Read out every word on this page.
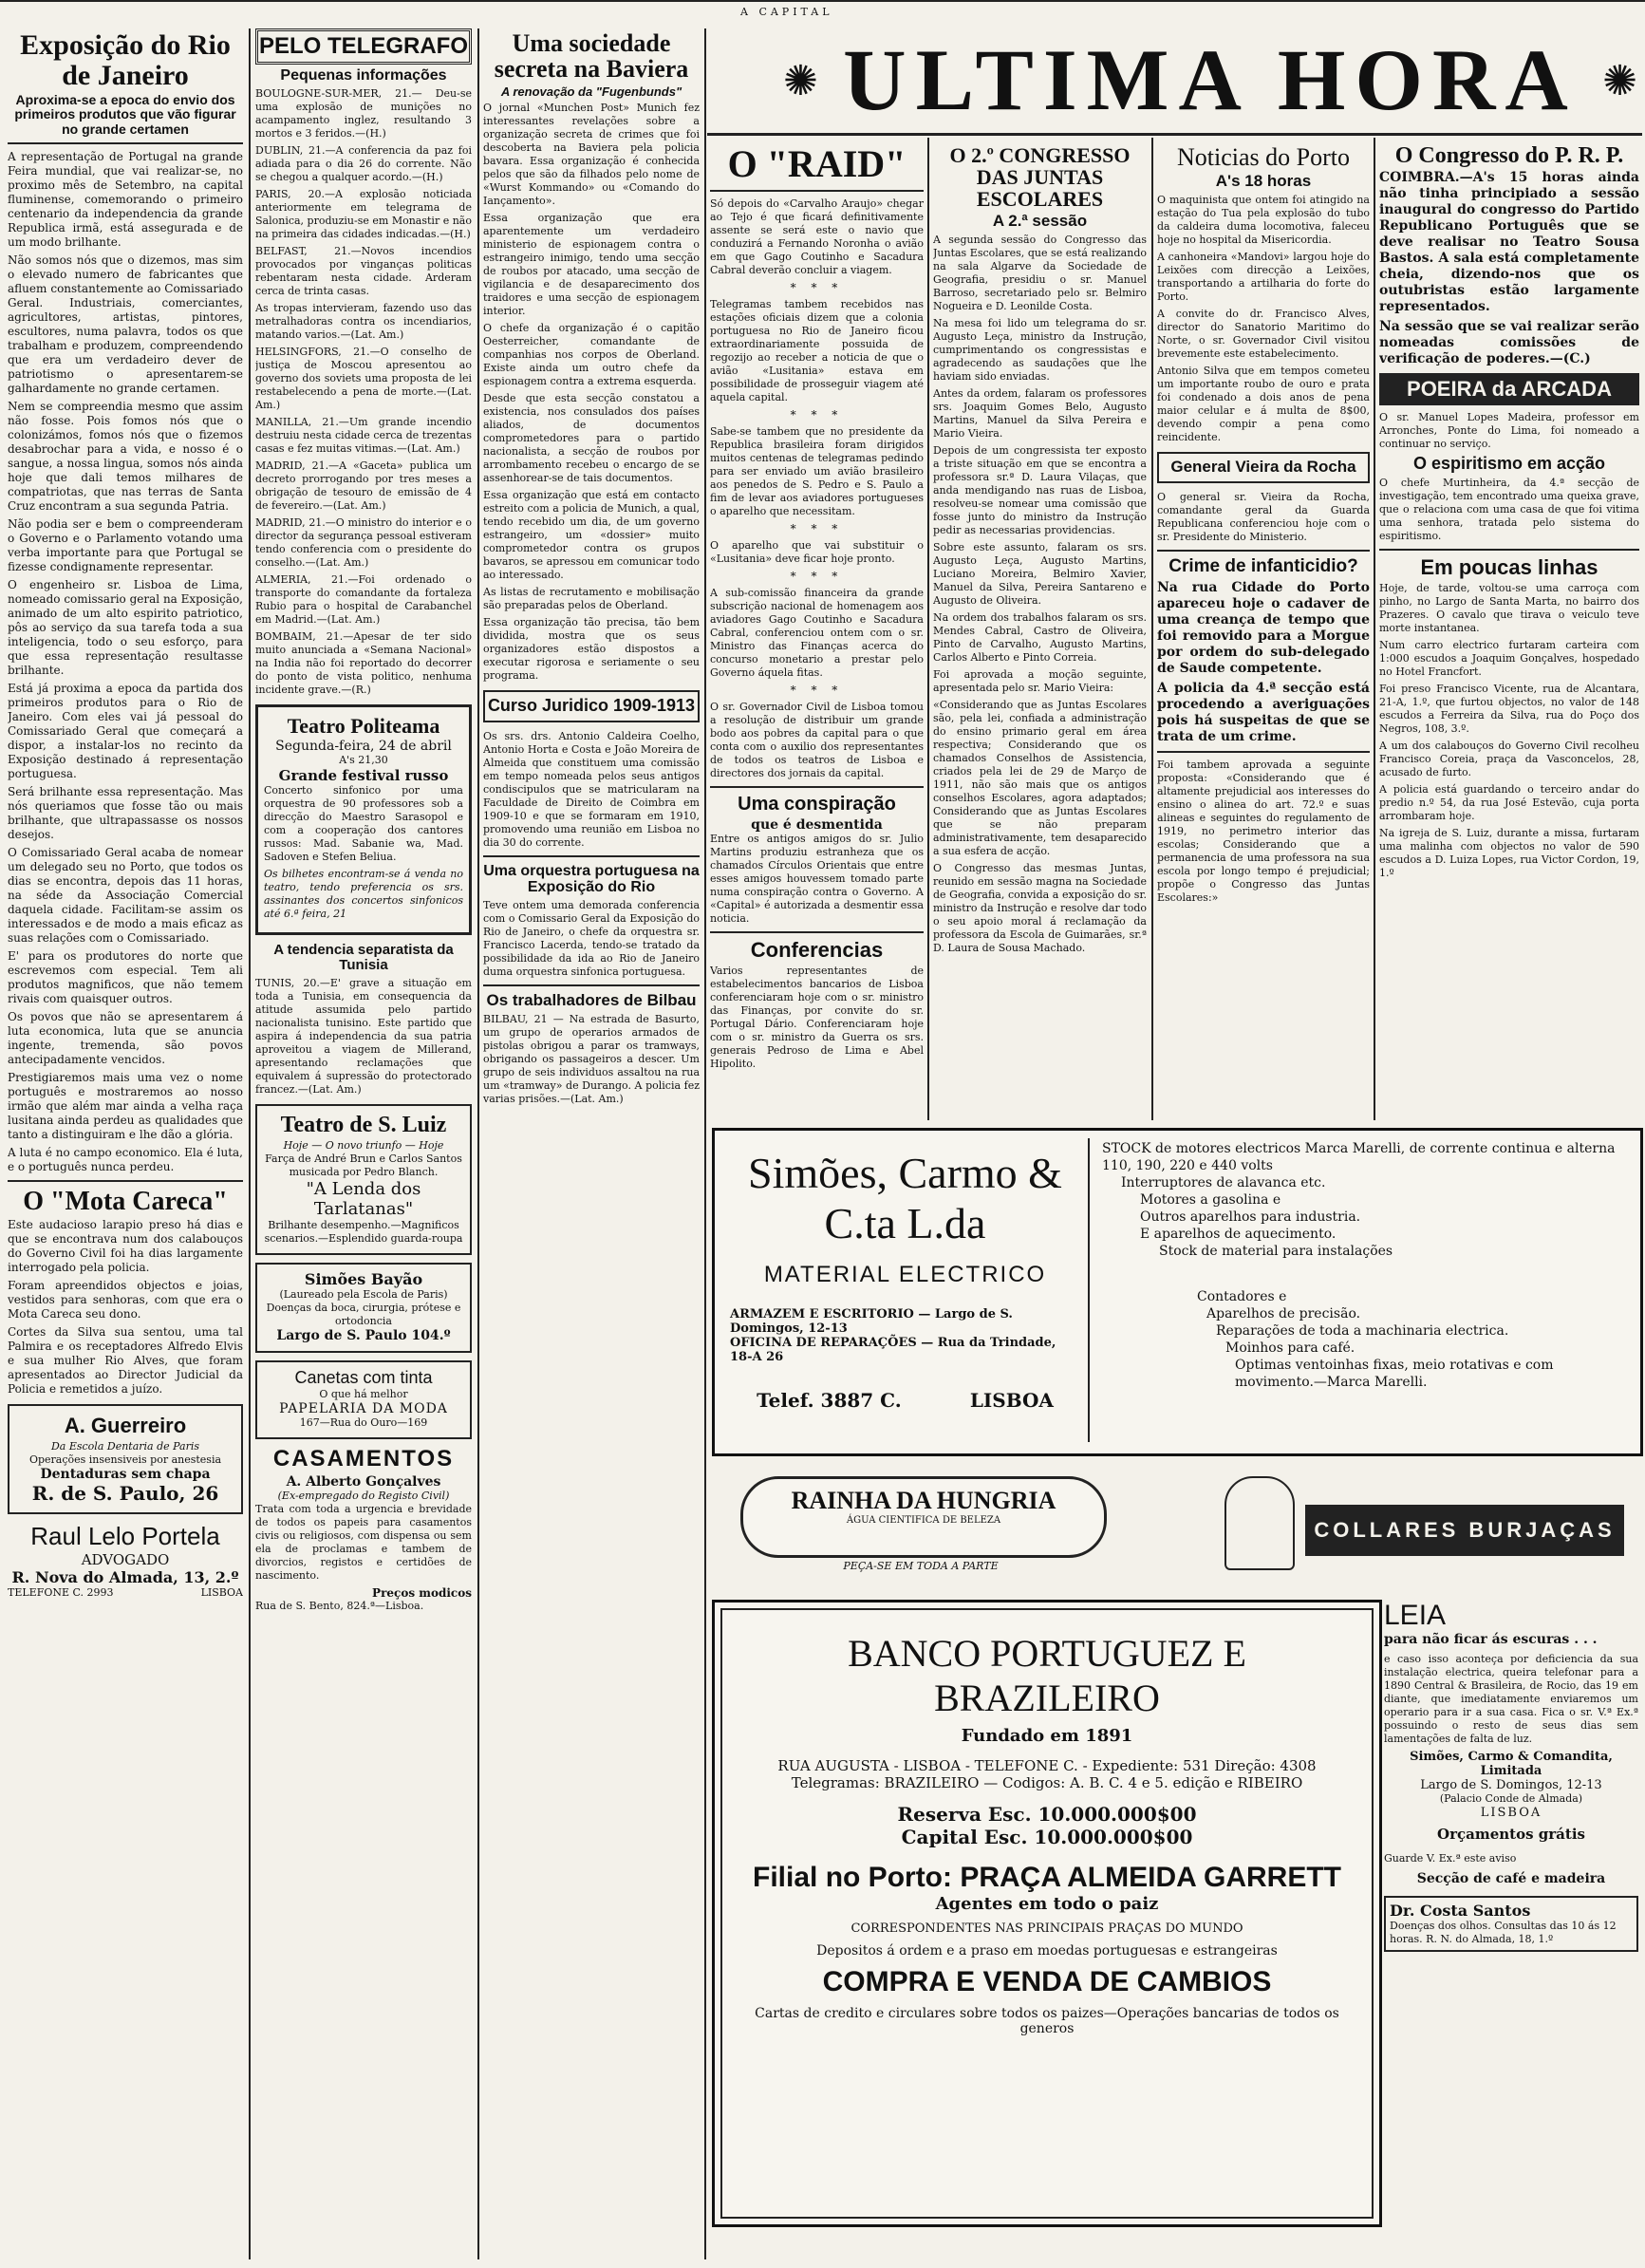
A CAPITAL
Exposição do Rio de Janeiro
Aproxima-se a epoca do envio dos primeiros produtos que vão figurar no grande certamen

A representação de Portugal na grande Feira mundial, que vai realizar-se, no proximo mês de Setembro, na capital fluminense, comemorando o primeiro centenario da independencia da grande Republica irmã, está assegurada e de um modo brilhante.

Não somos nós que o dizemos, mas sim o elevado numero de fabricantes que afluem constantemente ao Comissariado Geral. Industriais, comerciantes, agricultores, artistas, pintores, escultores, numa palavra, todos os que trabalham e produzem, compreendendo que era um verdadeiro dever de patriotismo o apresentarem-se galhardamente no grande certamen.

Nem se compreendia mesmo que assim não fosse. Pois fomos nós que o colonizámos, fomos nós que o fizemos desabrochar para a vida, e nosso é o sangue, a nossa lingua, somos nós ainda hoje que dali temos milhares de compatriotas, que nas terras de Santa Cruz encontram a sua segunda Patria.

Não podia ser e bem o compreenderam o Governo e o Parlamento votando uma verba importante para que Portugal se fizesse condignamente representar.

O engenheiro sr. Lisboa de Lima, nomeado comissario geral na Exposição, animado de um alto espirito patriotico, pôs ao serviço da sua tarefa toda a sua inteligencia, todo o seu esforço, para que essa representação resultasse brilhante.

Está já proxima a epoca da partida dos primeiros produtos para o Rio de Janeiro. Com eles vai já pessoal do Comissariado Geral que começará a dispor, a instalar-los no recinto da Exposição destinado á representação portuguesa.

Será brilhante essa representação. Mas nós queriamos que fosse tão ou mais brilhante, que ultrapassasse os nossos desejos.

O Comissariado Geral acaba de nomear um delegado seu no Porto, que todos os dias se encontra, depois das 11 horas, na séde da Associação Comercial daquela cidade. Facilitam-se assim os interessados e de modo a mais eficaz as suas relações com o Comissariado.

E' para os produtores do norte que escrevemos com especial. Tem ali produtos magnificos, que não temem rivais com quaisquer outros.

Os povos que não se apresentarem á luta economica, luta que se anuncia ingente, tremenda, são povos antecipadamente vencidos.

Prestigiaremos mais uma vez o nome português e mostraremos ao nosso irmão que além mar ainda a velha raça lusitana ainda perdeu as qualidades que tanto a distinguiram e lhe dão a glória.

A luta é no campo economico. Ela é luta, e o português nunca perdeu.

O "Mota Careca"

Este audacioso larapio preso há dias e que se encontrava num dos calabouços do Governo Civil foi ha dias largamente interrogado pela policia.

Foram apreendidos objectos e joias, vestidos para senhoras, com que era o Mota Careca seu dono.

Cortes da Silva sua sentou, uma tal Palmira e os receptadores Alfredo Elvis e sua mulher Rio Alves, que foram apresentados ao Director Judicial da Policia e remetidos a juízo.

A. Guerreiro
Da Escola Dentaria de Paris
Operações insensiveis por anestesia
Dentaduras sem chapa
R. de S. Paulo, 26
Raul Lelo Portela
ADVOGADO
R. Nova do Almada, 13, 2.º
TELEFONE C. 2993	LISBOA
PELO TELEGRAFO
Pequenas informações

BOULOGNE-SUR-MER, 21.— Deu-se uma explosão de munições no acampamento inglez, resultando 3 mortos e 3 feridos.—(H.)

DUBLIN, 21.—A conferencia da paz foi adiada para o dia 26 do corrente. Não se chegou a qualquer acordo.—(H.)

PARIS, 20.—A explosão noticiada anteriormente em telegrama de Salonica, produziu-se em Monastir e não na primeira das cidades indicadas.—(H.)

BELFAST, 21.—Novos incendios provocados por vinganças politicas rebentaram nesta cidade. Arderam cerca de trinta casas.

As tropas intervieram, fazendo uso das metralhadoras contra os incendiarios, matando varios.—(Lat. Am.)

HELSINGFORS, 21.—O conselho de justiça de Moscou apresentou ao governo dos soviets uma proposta de lei restabelecendo a pena de morte.—(Lat. Am.)

MANILLA, 21.—Um grande incendio destruiu nesta cidade cerca de trezentas casas e fez muitas vitimas.—(Lat. Am.)

MADRID, 21.—A «Gaceta» publica um decreto prorrogando por tres meses a obrigação de tesouro de emissão de 4 de fevereiro.—(Lat. Am.)

MADRID, 21.—O ministro do interior e o director da segurança pessoal estiveram tendo conferencia com o presidente do conselho.—(Lat. Am.)

ALMERIA, 21.—Foi ordenado o transporte do comandante da fortaleza Rubio para o hospital de Carabanchel em Madrid.—(Lat. Am.)

BOMBAIM, 21.—Apesar de ter sido muito anunciada a «Semana Nacional» na India não foi reportado do decorrer do ponto de vista politico, nenhuma incidente grave.—(R.)

Teatro Politeama
Segunda-feira, 24 de abril
A's 21,30
Grande festival russo

Concerto sinfonico por uma orquestra de 90 professores sob a direcção do Maestro Sarasopol e com a cooperação dos cantores russos: Mad. Sabanie wa, Mad. Sadoven e Stefen Beliua.

Os bilhetes encontram-se á venda no teatro, tendo preferencia os srs. assinantes dos concertos sinfonicos até 6.ª feira, 21

A tendencia separatista da Tunisia

TUNIS, 20.—E' grave a situação em toda a Tunisia, em consequencia da atitude assumida pelo partido nacionalista tunisino. Este partido que aspira á independencia da sua patria aproveitou a viagem de Millerand, apresentando reclamações que equivalem á supressão do protectorado francez.—(Lat. Am.)

Teatro de S. Luiz
Hoje — O novo triunfo — Hoje
Farça de André Brun e Carlos Santos musicada por Pedro Blanch.
"A Lenda dos Tarlatanas"
Brilhante desempenho.—Magnificos scenarios.—Esplendido guarda-roupa
Simões Bayão
(Laureado pela Escola de Paris)
Doenças da boca, cirurgia, prótese e ortodoncia
Largo de S. Paulo 104.º
Canetas com tinta
O que há melhor
PAPELARIA DA MODA
167—Rua do Ouro—169
CASAMENTOS
A. Alberto Gonçalves
(Ex-empregado do Registo Civil)

Trata com toda a urgencia e brevidade de todos os papeis para casamentos civis ou religiosos, com dispensa ou sem ela de proclamas e tambem de divorcios, registos e certidões de nascimento.

Preços modicos
Rua de S. Bento, 824.ª—Lisboa.
Uma sociedade secreta na Baviera
A renovação da "Fugenbunds"

O jornal «Munchen Post» Munich fez interessantes revelações sobre a organização secreta de crimes que foi descoberta na Baviera pela policia bavara. Essa organização é conhecida pelos que são da filhados pelo nome de «Wurst Kommando» ou «Comando do Iançamento».

Essa organização que era aparentemente um verdadeiro ministerio de espionagem contra o estrangeiro inimigo, tendo uma secção de roubos por atacado, uma secção de vigilancia e de desaparecimento dos traidores e uma secção de espionagem interior.

O chefe da organização é o capitão Oesterreicher, comandante de companhias nos corpos de Oberland. Existe ainda um outro chefe da espionagem contra a extrema esquerda.

Desde que esta secção constatou a existencia, nos consulados dos países aliados, de documentos comprometedores para o partido nacionalista, a secção de roubos por arrombamento recebeu o encargo de se assenhorear-se de tais documentos.

Essa organização que está em contacto estreito com a policia de Munich, a qual, tendo recebido um dia, de um governo estrangeiro, um «dossier» muito comprometedor contra os grupos bavaros, se apressou em comunicar todo ao interessado.

As listas de recrutamento e mobilisação são preparadas pelos de Oberland.

Essa organização tão precisa, tão bem dividida, mostra que os seus organizadores estão dispostos a executar rigorosa e seriamente o seu programa.

Curso Juridico 1909-1913

Os srs. drs. Antonio Caldeira Coelho, Antonio Horta e Costa e João Moreira de Almeida que constituem uma comissão em tempo nomeada pelos seus antigos condiscipulos que se matricularam na Faculdade de Direito de Coimbra em 1909-10 e que se formaram em 1910, promovendo uma reunião em Lisboa no dia 30 do corrente.

Uma orquestra portuguesa na Exposição do Rio

Teve ontem uma demorada conferencia com o Comissario Geral da Exposição do Rio de Janeiro, o chefe da orquestra sr. Francisco Lacerda, tendo-se tratado da possibilidade da ida ao Rio de Janeiro duma orquestra sinfonica portuguesa.

Os trabalhadores de Bilbau

BILBAU, 21 — Na estrada de Basurto, um grupo de operarios armados de pistolas obrigou a parar os tramways, obrigando os passageiros a descer. Um grupo de seis individuos assaltou na rua um «tramway» de Durango. A policia fez varias prisões.—(Lat. Am.)

✺ ULTIMA HORA ✺
O "RAID"

Só depois do «Carvalho Araujo» chegar ao Tejo é que ficará definitivamente assente se será este o navio que conduzirá a Fernando Noronha o avião em que Gago Coutinho e Sacadura Cabral deverão concluir a viagem.

* * *

Telegramas tambem recebidos nas estações oficiais dizem que a colonia portuguesa no Rio de Janeiro ficou extraordinariamente possuida de regozijo ao receber a noticia de que o avião «Lusitania» estava em possibilidade de prosseguir viagem até aquela capital.

* * *

Sabe-se tambem que no presidente da Republica brasileira foram dirigidos muitos centenas de telegramas pedindo para ser enviado um avião brasileiro aos penedos de S. Pedro e S. Paulo a fim de levar aos aviadores portugueses o aparelho que necessitam.

* * *

O aparelho que vai substituir o «Lusitania» deve ficar hoje pronto.

* * *

A sub-comissão financeira da grande subscrição nacional de homenagem aos aviadores Gago Coutinho e Sacadura Cabral, conferenciou ontem com o sr. Ministro das Finanças acerca do concurso monetario a prestar pelo Governo áquela fitas.

* * *

O sr. Governador Civil de Lisboa tomou a resolução de distribuir um grande bodo aos pobres da capital para o que conta com o auxilio dos representantes de todos os teatros de Lisboa e directores dos jornais da capital.

Uma conspiração
que é desmentida

Entre os antigos amigos do sr. Julio Martins produziu estranheza que os chamados Círculos Orientais que entre esses amigos houvessem tomado parte numa conspiração contra o Governo. A «Capital» é autorizada a desmentir essa noticia.

Conferencias

Varios representantes de estabelecimentos bancarios de Lisboa conferenciaram hoje com o sr. ministro das Finanças, por convite do sr. Portugal Dário. Conferenciaram hoje com o sr. ministro da Guerra os srs. generais Pedroso de Lima e Abel Hipolito.

O 2.º CONGRESSO DAS JUNTAS ESCOLARES
A 2.ª sessão

A segunda sessão do Congresso das Juntas Escolares, que se está realizando na sala Algarve da Sociedade de Geografia, presidiu o sr. Manuel Barroso, secretariado pelo sr. Belmiro Nogueira e D. Leonilde Costa.

Na mesa foi lido um telegrama do sr. Augusto Leça, ministro da Instrução, cumprimentando os congressistas e agradecendo as saudações que lhe haviam sido enviadas.

Antes da ordem, falaram os professores srs. Joaquim Gomes Belo, Augusto Martins, Manuel da Silva Pereira e Mario Vieira.

Depois de um congressista ter exposto a triste situação em que se encontra a professora sr.ª D. Laura Vilaças, que anda mendigando nas ruas de Lisboa, resolveu-se nomear uma comissão que fosse junto do ministro da Instrução pedir as necessarias providencias.

Sobre este assunto, falaram os srs. Augusto Leça, Augusto Martins, Luciano Moreira, Belmiro Xavier, Manuel da Silva, Pereira Santareno e Augusto de Oliveira.

Na ordem dos trabalhos falaram os srs. Mendes Cabral, Castro de Oliveira, Pinto de Carvalho, Augusto Martins, Carlos Alberto e Pinto Correia.

Foi aprovada a moção seguinte, apresentada pelo sr. Mario Vieira:

«Considerando que as Juntas Escolares são, pela lei, confiada a administração do ensino primario geral em área respectiva; Considerando que os chamados Conselhos de Assistencia, criados pela lei de 29 de Março de 1911, não são mais que os antigos conselhos Escolares, agora adaptados; Considerando que as Juntas Escolares que se não preparam administrativamente, tem desaparecido a sua esfera de acção.

O Congresso das mesmas Juntas, reunido em sessão magna na Sociedade de Geografia, convida a exposição do sr. ministro da Instrução e resolve dar todo o seu apoio moral á reclamação da professora da Escola de Guimarães, sr.ª D. Laura de Sousa Machado.

Noticias do Porto
A's 18 horas

O maquinista que ontem foi atingido na estação do Tua pela explosão do tubo da caldeira duma locomotiva, faleceu hoje no hospital da Misericordia.

A canhoneira «Mandovi» largou hoje do Leixões com direcção a Leixões, transportando a artilharia do forte do Porto.

A convite do dr. Francisco Alves, director do Sanatorio Maritimo do Norte, o sr. Governador Civil visitou brevemente este estabelecimento.

Antonio Silva que em tempos cometeu um importante roubo de ouro e prata foi condenado a dois anos de pena maior celular e á multa de 8$00, devendo compir a pena como reincidente.

General Vieira da Rocha

O general sr. Vieira da Rocha, comandante geral da Guarda Republicana conferenciou hoje com o sr. Presidente do Ministerio.

Crime de infanticidio?

Na rua Cidade do Porto apareceu hoje o cadaver de uma creança de tempo que foi removido para a Morgue por ordem do sub-delegado de Saude competente.

A policia da 4.ª secção está procedendo a averiguações pois há suspeitas de que se trata de um crime.

Foi tambem aprovada a seguinte proposta: «Considerando que é altamente prejudicial aos interesses do ensino o alinea do art. 72.º e suas alineas e seguintes do regulamento de 1919, no perimetro interior das escolas; Considerando que a permanencia de uma professora na sua escola por longo tempo é prejudicial; propõe o Congresso das Juntas Escolares:»

O Congresso do P. R. P.

COIMBRA.—A's 15 horas ainda não tinha principiado a sessão inaugural do congresso do Partido Republicano Português que se deve realisar no Teatro Sousa Bastos. A sala está completamente cheia, dizendo-nos que os outubristas estão largamente representados.

Na sessão que se vai realizar serão nomeadas comissões de verificação de poderes.—(C.)

POEIRA da ARCADA

O sr. Manuel Lopes Madeira, professor em Arronches, Ponte do Lima, foi nomeado a continuar no serviço.

O espiritismo em acção

O chefe Murtinheira, da 4.ª secção de investigação, tem encontrado uma queixa grave, que o relaciona com uma casa de que foi vitima uma senhora, tratada pelo sistema do espiritismo.

Em poucas linhas

Hoje, de tarde, voltou-se uma carroça com pinho, no Largo de Santa Marta, no bairro dos Prazeres. O cavalo que tirava o veiculo teve morte instantanea.

Num carro electrico furtaram carteira com 1:000 escudos a Joaquim Gonçalves, hospedado no Hotel Francfort.

Foi preso Francisco Vicente, rua de Alcantara, 21-A, 1.º, que furtou objectos, no valor de 148 escudos a Ferreira da Silva, rua do Poço dos Negros, 108, 3.º.

A um dos calabouços do Governo Civil recolheu Francisco Coreia, praça da Vasconcelos, 28, acusado de furto.

A policia está guardando o terceiro andar do predio n.º 54, da rua José Estevão, cuja porta arrombaram hoje.

Na igreja de S. Luiz, durante a missa, furtaram uma malinha com objectos no valor de 590 escudos a D. Luiza Lopes, rua Victor Cordon, 19, 1.º

Simões, Carmo & C.ta L.da
MATERIAL ELECTRICO
ARMAZEM E ESCRITORIO — Largo de S. Domingos, 12-13
OFICINA DE REPARAÇÕES — Rua da Trindade, 18-A 26
Telef. 3887 C.	LISBOA
STOCK de motores electricos Marca Marelli, de corrente continua e alterna 110, 190, 220 e 440 volts
Interruptores de alavanca etc.
Motores a gasolina e
Outros aparelhos para industria.
E aparelhos de aquecimento.
Stock de material para instalações
Contadores e
Aparelhos de precisão.
Reparações de toda a machinaria electrica.
Moinhos para café.
Optimas ventoinhas fixas, meio rotativas e com movimento.—Marca Marelli.
RAINHA DA HUNGRIA
ÁGUA CIENTIFICA DE BELEZA
PEÇA-SE EM TODA A PARTE
COLLARES BURJAÇAS
BANCO PORTUGUEZ E BRAZILEIRO
Fundado em 1891
RUA AUGUSTA - LISBOA - TELEFONE C. - Expediente: 531 Direção: 4308
Telegramas: BRAZILEIRO — Codigos: A. B. C. 4 e 5. edição e RIBEIRO
Reserva Esc. 10.000.000$00
Capital Esc. 10.000.000$00
Filial no Porto: PRAÇA ALMEIDA GARRETT
Agentes em todo o paiz
CORRESPONDENTES NAS PRINCIPAIS PRAÇAS DO MUNDO
Depositos á ordem e a praso em moedas portuguesas e estrangeiras
COMPRA E VENDA DE CAMBIOS
Cartas de credito e circulares sobre todos os paizes—Operações bancarias de todos os generos
LEIA
para não ficar ás escuras . . .

e caso isso aconteça por deficiencia da sua instalação electrica, queira telefonar para a 1890 Central & Brasileira, de Rocio, das 19 em diante, que imediatamente enviaremos um operario para ir a sua casa. Fica o sr. V.ª Ex.ª possuindo o resto de seus dias sem lamentações de falta de luz.

Simões, Carmo & Comandita, Limitada
Largo de S. Domingos, 12-13
(Palacio Conde de Almada)
LISBOA
Orçamentos grátis
Guarde V. Ex.ª este aviso
Secção de café e madeira
Dr. Costa Santos
Doenças dos olhos. Consultas das 10 ás 12 horas. R. N. do Almada, 18, 1.º
